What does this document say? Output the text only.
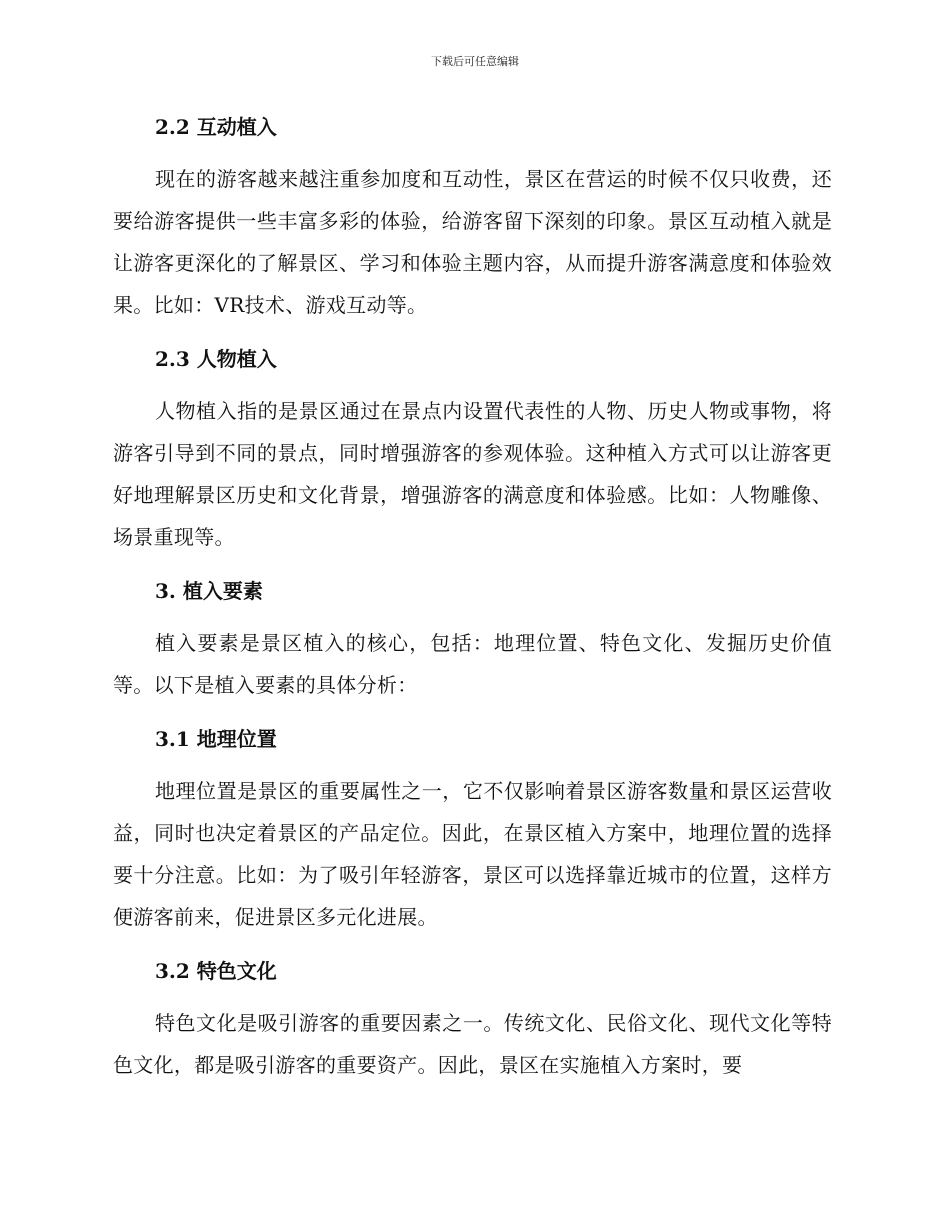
下载后可任意编辑
2.2 互动植入

现在的游客越来越注重参加度和互动性，景区在营运的时候不仅只收费，还要给游客提供一些丰富多彩的体验，给游客留下深刻的印象。景区互动植入就是让游客更深化的了解景区、学习和体验主题内容，从而提升游客满意度和体验效果。比如：VR技术、游戏互动等。

2.3 人物植入

人物植入指的是景区通过在景点内设置代表性的人物、历史人物或事物，将游客引导到不同的景点，同时增强游客的参观体验。这种植入方式可以让游客更好地理解景区历史和文化背景，增强游客的满意度和体验感。比如：人物雕像、场景重现等。

3. 植入要素

植入要素是景区植入的核心，包括：地理位置、特色文化、发掘历史价值等。以下是植入要素的具体分析：

3.1 地理位置

地理位置是景区的重要属性之一，它不仅影响着景区游客数量和景区运营收益，同时也决定着景区的产品定位。因此，在景区植入方案中，地理位置的选择要十分注意。比如：为了吸引年轻游客，景区可以选择靠近城市的位置，这样方便游客前来，促进景区多元化进展。

3.2 特色文化

特色文化是吸引游客的重要因素之一。传统文化、民俗文化、现代文化等特色文化，都是吸引游客的重要资产。因此，景区在实施植入方案时，要
